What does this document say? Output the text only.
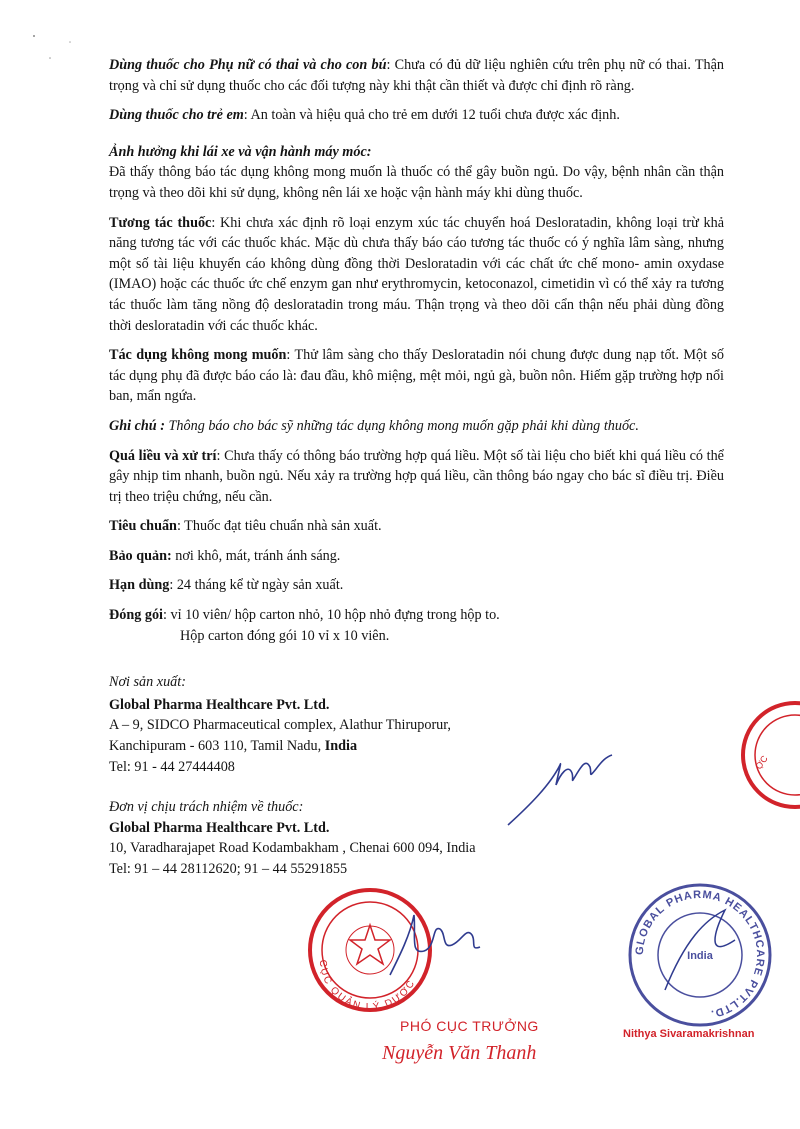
Dùng thuốc cho Phụ nữ có thai và cho con bú: Chưa có đủ dữ liệu nghiên cứu trên phụ nữ có thai. Thận trọng và chỉ sử dụng thuốc cho các đối tượng này khi thật cần thiết và được chỉ định rõ ràng.

Dùng thuốc cho trẻ em: An toàn và hiệu quả cho trẻ em dưới 12 tuổi chưa được xác định.

Ảnh hưởng khi lái xe và vận hành máy móc:
Đã thấy thông báo tác dụng không mong muốn là thuốc có thể gây buồn ngủ. Do vậy, bệnh nhân cần thận trọng và theo dõi khi sử dụng, không nên lái xe hoặc vận hành máy khi dùng thuốc.

Tương tác thuốc: Khi chưa xác định rõ loại enzym xúc tác chuyển hoá Desloratadin, không loại trừ khả năng tương tác với các thuốc khác. Mặc dù chưa thấy báo cáo tương tác thuốc có ý nghĩa lâm sàng, nhưng một số tài liệu khuyến cáo không dùng đồng thời Desloratadin với các chất ức chế mono- amin oxydase (IMAO) hoặc các thuốc ức chế enzym gan như erythromycin, ketoconazol, cimetidin vì có thể xảy ra tương tác thuốc làm tăng nồng độ desloratadin trong máu. Thận trọng và theo dõi cẩn thận nếu phải dùng đồng thời desloratadin với các thuốc khác.

Tác dụng không mong muốn: Thử lâm sàng cho thấy Desloratadin nói chung được dung nạp tốt. Một số tác dụng phụ đã được báo cáo là: đau đầu, khô miệng, mệt mỏi, ngủ gà, buồn nôn. Hiếm gặp trường hợp nổi ban, mẩn ngứa.

Ghi chú : Thông báo cho bác sỹ những tác dụng không mong muốn gặp phải khi dùng thuốc.

Quá liều và xử trí: Chưa thấy có thông báo trường hợp quá liều. Một số tài liệu cho biết khi quá liều có thể gây nhịp tim nhanh, buồn ngủ. Nếu xảy ra trường hợp quá liều, cần thông báo ngay cho bác sĩ điều trị. Điều trị theo triệu chứng, nếu cần.

Tiêu chuẩn: Thuốc đạt tiêu chuẩn nhà sản xuất.

Bảo quản: nơi khô, mát, tránh ánh sáng.

Hạn dùng: 24 tháng kể từ ngày sản xuất.

Đóng gói: vỉ 10 viên/ hộp carton nhỏ, 10 hộp nhỏ đựng trong hộp to.
Hộp carton đóng gói 10 vỉ x 10 viên.

Nơi sản xuất:
Global Pharma Healthcare Pvt. Ltd.
A – 9, SIDCO Pharmaceutical complex, Alathur Thiruporur,
Kanchipuram - 603 110, Tamil Nadu, India
Tel: 91 - 44 27444408
Đơn vị chịu trách nhiệm về thuốc:
Global Pharma Healthcare Pvt. Ltd.
10, Varadharajapet Road Kodambakham , Chenai 600 094, India
Tel: 91 – 44 28112620; 91 – 44 55291855
ỢC
CỤC QUẢN LÝ DƯỢC
PHÓ CỤC TRƯỞNG
Nguyễn Văn Thanh
GLOBAL PHARMA HEALTHCARE PVT.LTD.
India
Nithya Sivaramakrishnan
